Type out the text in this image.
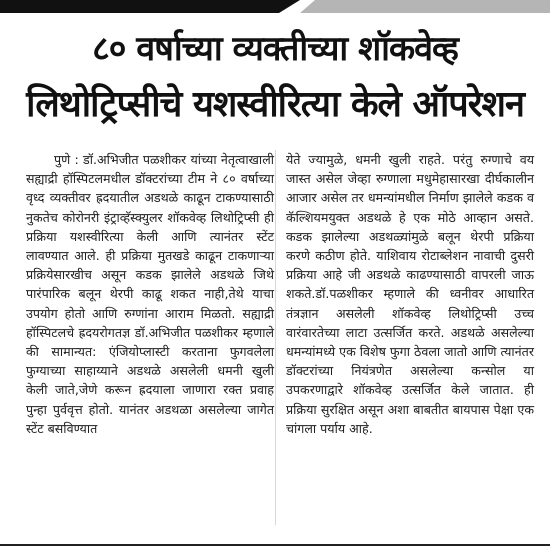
८० वर्षाच्या व्यक्तीच्या शॉकवेव्ह
लिथोट्रिप्सीचे यशस्वीरित्या केले ऑपरेशन

पुणे : डॉ.अभिजीत पळशीकर यांच्या नेतृत्वाखाली सह्याद्री हॉस्पिटलमधील डॉक्टरांच्या टीम ने ८० वर्षाच्या वृध्द व्यक्तीवर ह्रदयातील अडथळे काढून टाकण्यासाठी नुकतेच कोरोनरी इंट्राव्हॅस्क्युलर शॉकवेव्ह लिथोट्रिप्सी ही प्रक्रिया यशस्वीरित्या केली आणि त्यानंतर स्टेंट लावण्यात आले. ही प्रक्रिया मुतखडे काढून टाकणार्‍या प्रक्रियेसारखीच असून कडक झालेले अडथळे जिथे पारंपारिक बलून थेरपी काढू शकत नाही,तेथे याचा उपयोग होतो आणि रुग्णांना आराम मिळतो. सह्याद्री हॉस्पिटलचे ह्रदयरोगतज्ञ डॉ.अभिजीत पळशीकर म्हणाले की सामान्यत: एंजियोप्लास्टी करताना फुगवलेला फुग्याच्या साहाय्याने अडथळे असलेली धमनी खुली केली जाते,जेणे करून ह्रदयाला जाणारा रक्त प्रवाह पुन्हा पुर्ववृत्त होतो. यानंतर अडथळा असलेल्या जागेत स्टेंट बसविण्यात

येते ज्यामुळे, धमनी खुली राहते. परंतु रुग्णाचे वय जास्त असेल जेव्हा रुग्णाला मधुमेहासारखा दीर्घकालीन आजार असेल तर धमन्यांमधील निर्माण झालेले कडक व कॅल्शियमयुक्त अडथळे हे एक मोठे आव्हान असते. कडक झालेल्या अडथळ्यांमुळे बलून थेरपी प्रक्रिया करणे कठीण होते. याशिवाय रोटाब्लेशन नावाची दुसरी प्रक्रिया आहे जी अडथळे काढण्यासाठी वापरली जाऊ शकते.डॉ.पळशीकर म्हणाले की ध्वनीवर आधारित तंत्रज्ञान असलेली शॉकवेव्ह लिथोट्रिप्सी उच्च वारंवारतेच्या लाटा उत्सर्जित करते. अडथळे असलेल्या धमन्यांमध्ये एक विशेष फुगा ठेवला जातो आणि त्यानंतर डॉक्टरांच्या नियंत्रणेत असलेल्या कन्सोल या उपकरणाद्वारे शॉकवेव्ह उत्सर्जित केले जातात. ही प्रक्रिया सुरक्षित असून अशा बाबतीत बायपास पेक्षा एक चांगला पर्याय आहे.
